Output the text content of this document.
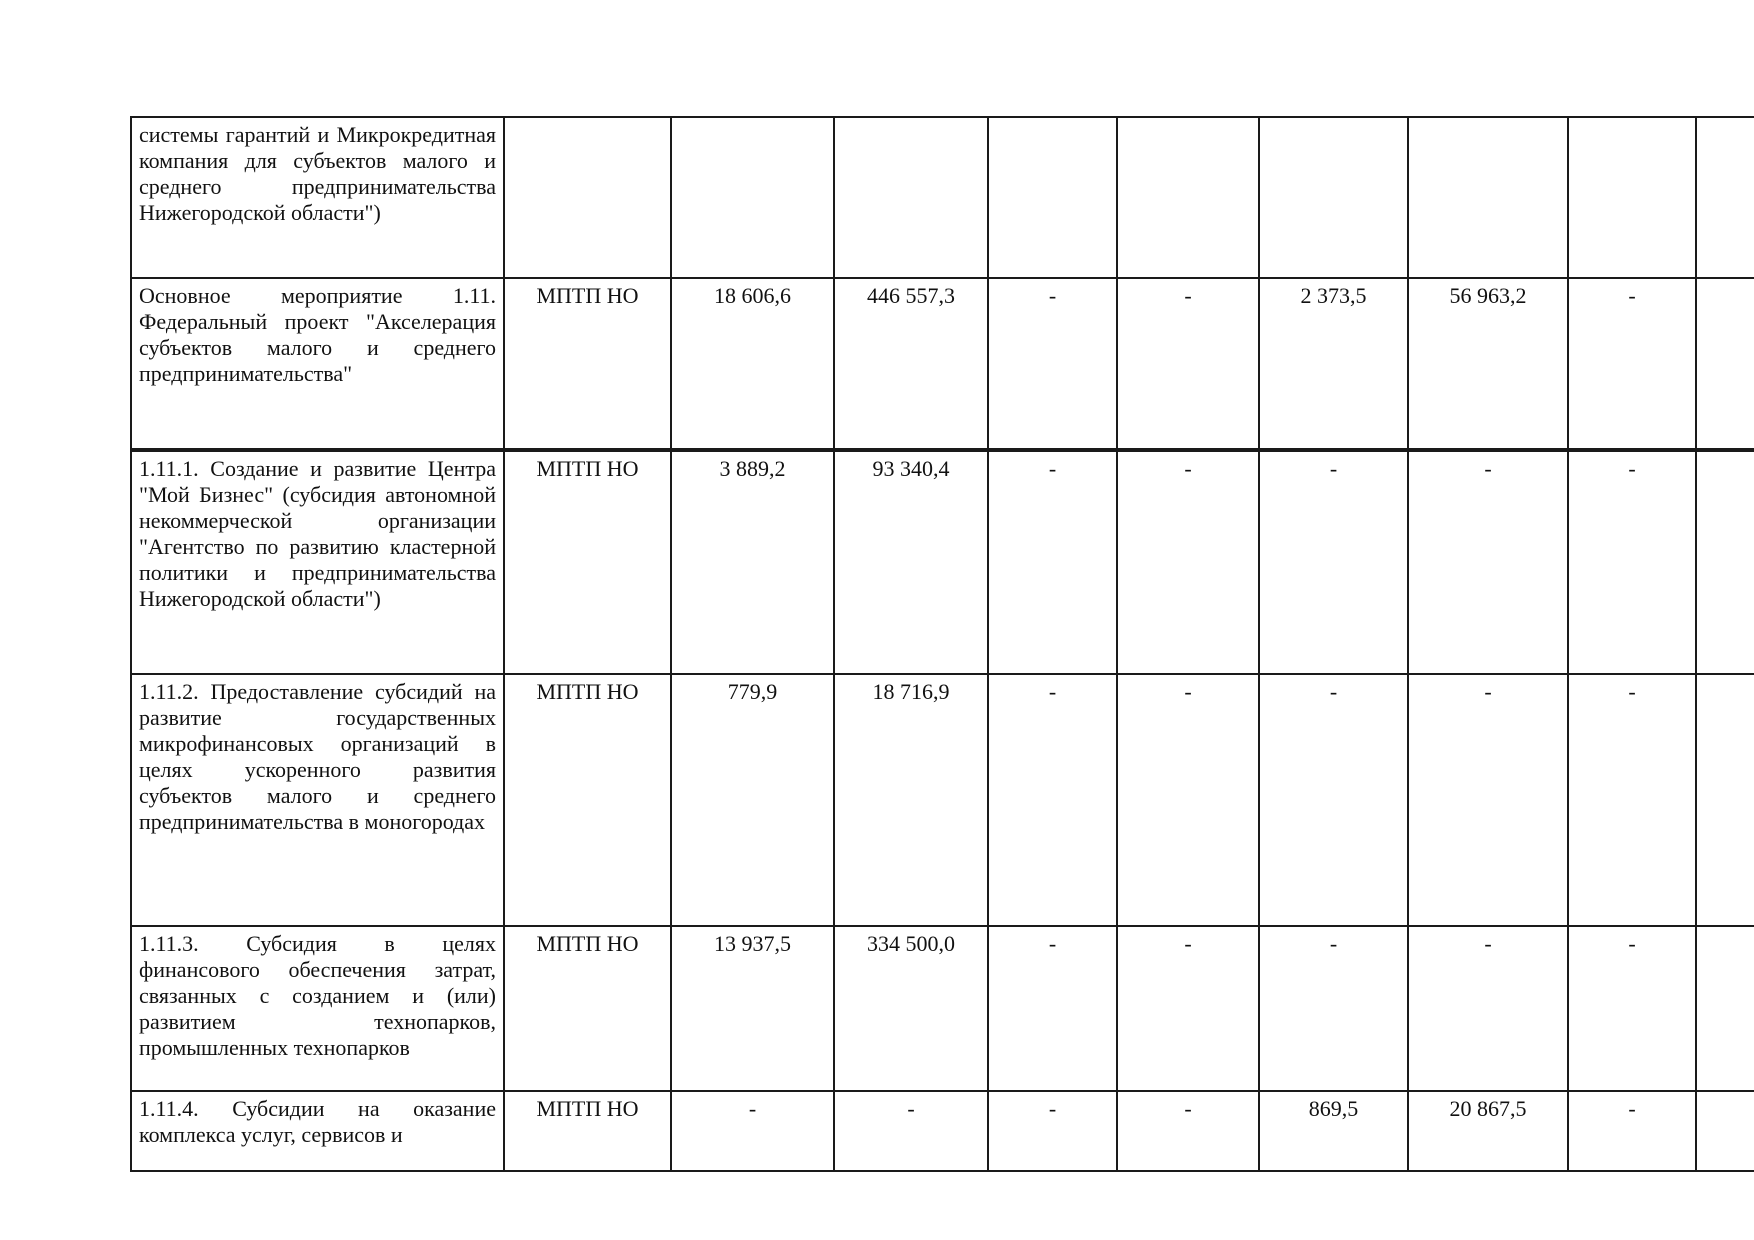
системы гарантий и Микрокредитная компания для субъектов малого и среднего предпринимательства Нижегородской области")									
Основное мероприятие 1.11. Федеральный проект "Акселерация субъектов малого и среднего предпринимательства"	МПТП НО	18 606,6	446 557,3	-	-	2 373,5	56 963,2	-	
1.11.1. Создание и развитие Центра "Мой Бизнес" (субсидия автономной некоммерческой организации "Агентство по развитию кластерной политики и предпринимательства Нижегородской области")	МПТП НО	3 889,2	93 340,4	-	-	-	-	-	
1.11.2. Предоставление субсидий на развитие государственных микрофинансовых организаций в целях ускоренного развития субъектов малого и среднего предпринимательства в моногородах	МПТП НО	779,9	18 716,9	-	-	-	-	-	
1.11.3. Субсидия в целях финансового обеспечения затрат, связанных с созданием и (или) развитием технопарков, промышленных технопарков	МПТП НО	13 937,5	334 500,0	-	-	-	-	-	
1.11.4. Субсидии на оказание комплекса услуг, сервисов и	МПТП НО	-	-	-	-	869,5	20 867,5	-	
